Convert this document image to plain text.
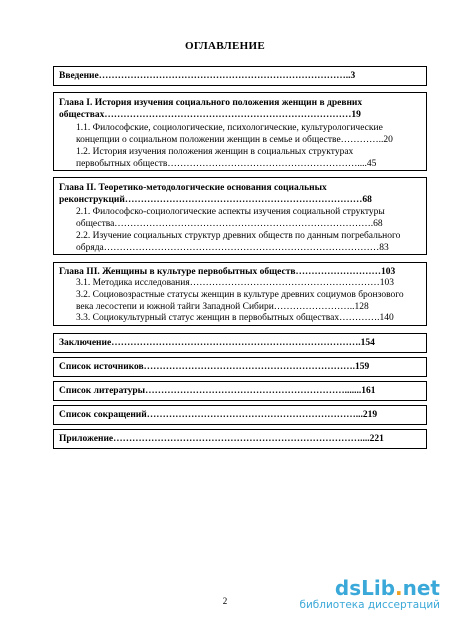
ОГЛАВЛЕНИЕ
Введение……………………………………………………………………..3
Глава I. История изучения социального положения женщин в древних
обществах……………………………………………………………………19
1.1. Философские, социологические, психологические, культурологические
концепции о социальном положении женщин в семье и обществе…………..20
1.2. История изучения положения женщин в социальных структурах
первобытных обществ……………………………………………………....45
Глава II. Теоретико-методологические основания социальных
реконструкций…………………………………………………………………68
2.1. Философско-социологические аспекты изучения социальной структуры
общества……………………………………………………………………….68
2.2. Изучение социальных структур древних обществ по данным погребального
обряда……………………………………………………………………………83
Глава III. Женщины в культуре первобытных обществ………………………103
3.1. Методика исследования……………………………………………………103
3.2. Социовозрастные статусы женщин в культуре древних социумов бронзового
века лесостепи и южной тайги Западной Сибири……………………..128
3.3. Социокультурный статус женщин в первобытных обществах………….140
Заключение…………………………………………………………………….154
Список источников………………………………………………………….159
Список литературы……………………………………………………….......161
Список сокращений…………………………………………………………...219
Приложение……………………………………………………………………....221
2
dsLib.net
библиотека диссертаций
